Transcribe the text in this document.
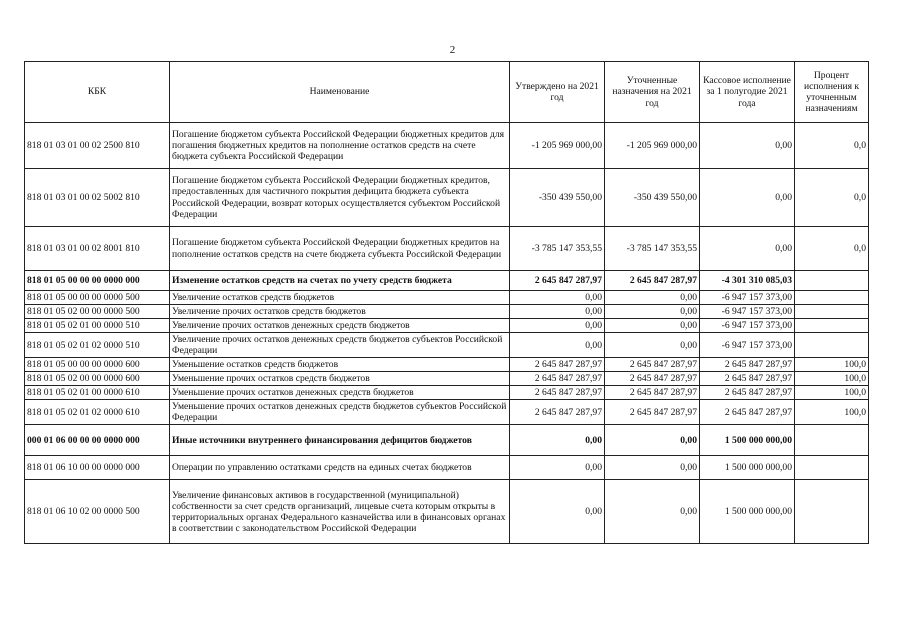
2
КБК	Наименование	Утверждено на 2021 год	Уточненные назначения на 2021 год	Кассовое исполнение за 1 полугодие 2021 года	Процент исполнения к уточненным назначениям
818 01 03 01 00 02 2500 810	Погашение бюджетом субъекта Российской Федерации бюджетных кредитов для погашения бюджетных кредитов на пополнение остатков средств на счете бюджета субъекта Российской Федерации	-1 205 969 000,00	-1 205 969 000,00	0,00	0,0
818 01 03 01 00 02 5002 810	Погашение бюджетом субъекта Российской Федерации бюджетных кредитов, предоставленных для частичного покрытия дефицита бюджета субъекта Российской Федерации, возврат которых осуществляется субъектом Российской Федерации	-350 439 550,00	-350 439 550,00	0,00	0,0
818 01 03 01 00 02 8001 810	Погашение бюджетом субъекта Российской Федерации бюджетных кредитов на пополнение остатков средств на счете бюджета субъекта Российской Федерации	-3 785 147 353,55	-3 785 147 353,55	0,00	0,0
818 01 05 00 00 00 0000 000	Изменение остатков средств на счетах по учету средств бюджета	2 645 847 287,97	2 645 847 287,97	-4 301 310 085,03	
818 01 05 00 00 00 0000 500	Увеличение остатков средств бюджетов	0,00	0,00	-6 947 157 373,00	
818 01 05 02 00 00 0000 500	Увеличение прочих остатков средств бюджетов	0,00	0,00	-6 947 157 373,00	
818 01 05 02 01 00 0000 510	Увеличение прочих остатков денежных средств бюджетов	0,00	0,00	-6 947 157 373,00	
818 01 05 02 01 02 0000 510	Увеличение прочих остатков денежных средств бюджетов субъектов Российской Федерации	0,00	0,00	-6 947 157 373,00	
818 01 05 00 00 00 0000 600	Уменьшение остатков средств бюджетов	2 645 847 287,97	2 645 847 287,97	2 645 847 287,97	100,0
818 01 05 02 00 00 0000 600	Уменьшение прочих остатков средств бюджетов	2 645 847 287,97	2 645 847 287,97	2 645 847 287,97	100,0
818 01 05 02 01 00 0000 610	Уменьшение прочих остатков денежных средств бюджетов	2 645 847 287,97	2 645 847 287,97	2 645 847 287,97	100,0
818 01 05 02 01 02 0000 610	Уменьшение прочих остатков денежных средств бюджетов субъектов Российской Федерации	2 645 847 287,97	2 645 847 287,97	2 645 847 287,97	100,0
000 01 06 00 00 00 0000 000	Иные источники внутреннего финансирования дефицитов бюджетов	0,00	0,00	1 500 000 000,00	
818 01 06 10 00 00 0000 000	Операции по управлению остатками средств на единых счетах бюджетов	0,00	0,00	1 500 000 000,00	
818 01 06 10 02 00 0000 500	Увеличение финансовых активов в государственной (муниципальной) собственности за счет средств организаций, лицевые счета которым открыты в территориальных органах Федерального казначейства или в финансовых органах в соответствии с законодательством Российской Федерации	0,00	0,00	1 500 000 000,00	
